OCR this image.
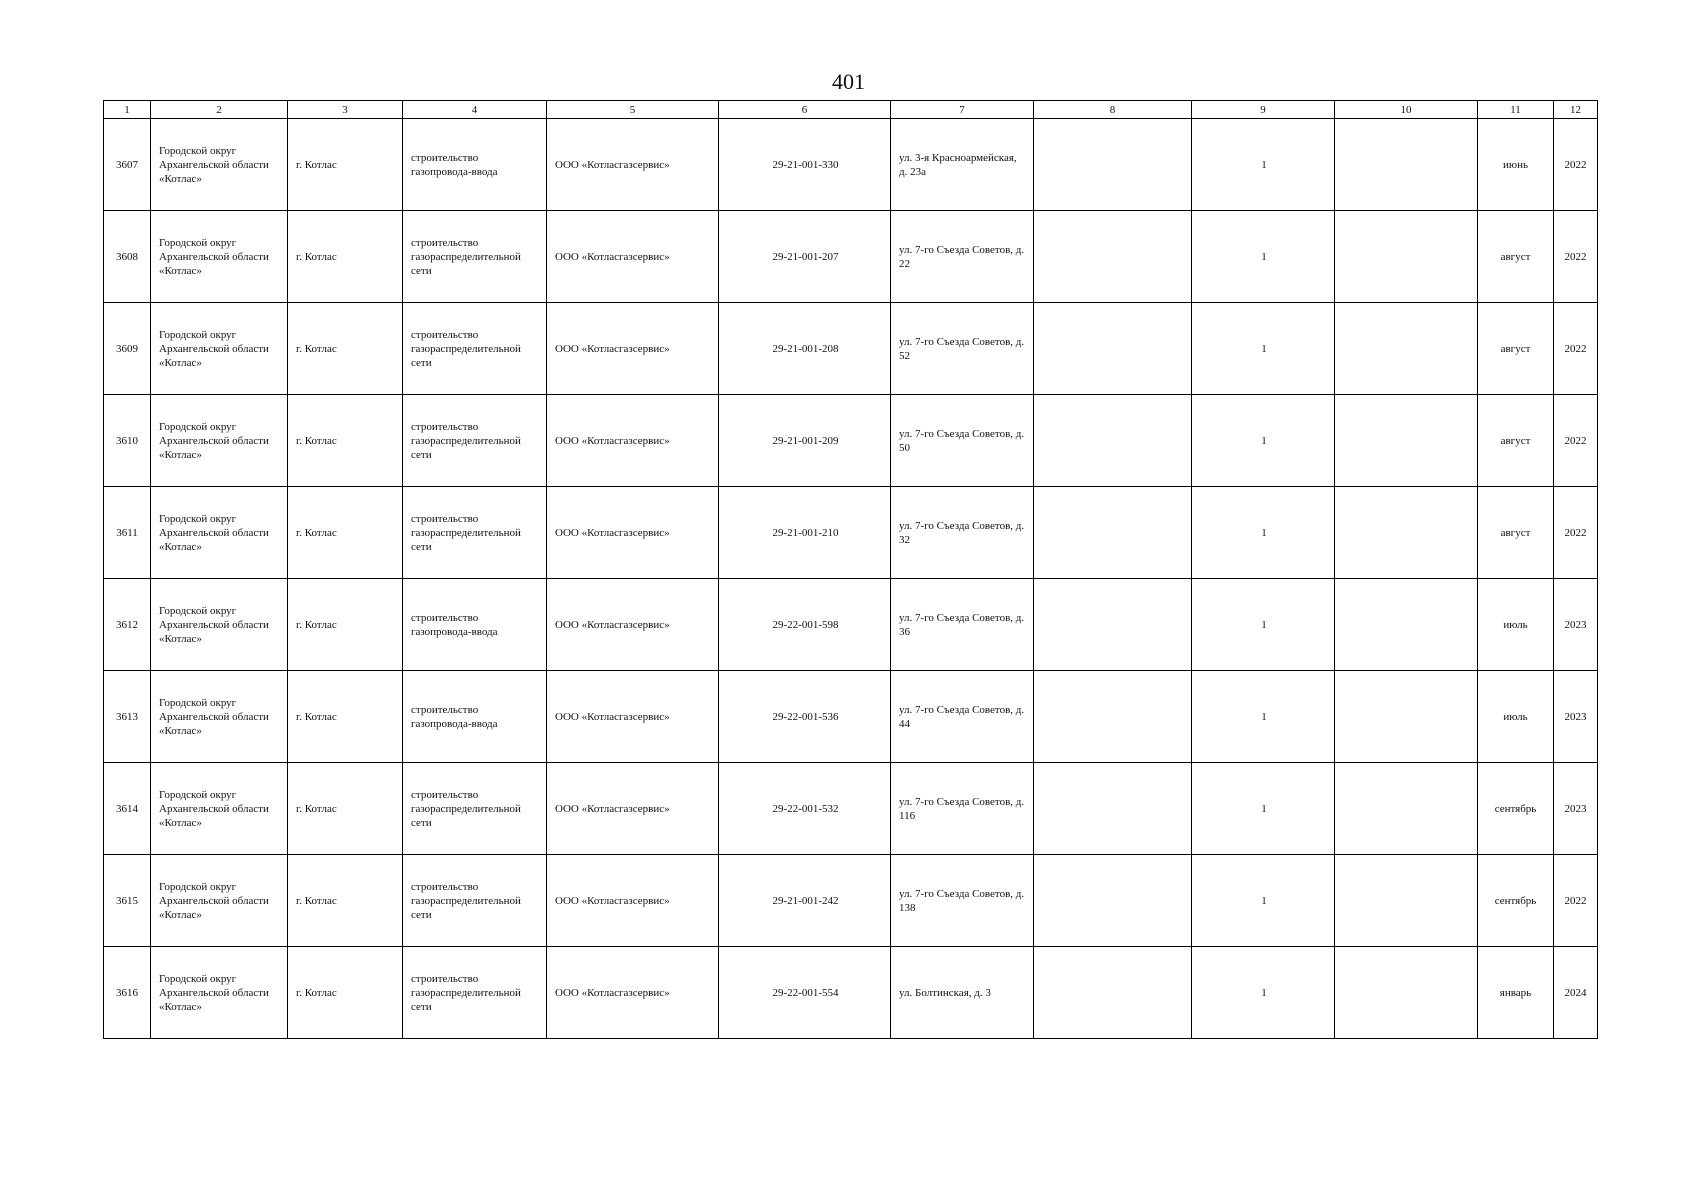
401
1	2	3	4	5	6	7	8	9	10	11	12
3607	Городской округ Архангельской области «Котлас»	г. Котлас	строительство газопровода-ввода	ООО «Котласгазсервис»	29-21-001-330	ул. 3-я Красноармейская, д. 23а		1		июнь	2022
3608	Городской округ Архангельской области «Котлас»	г. Котлас	строительство газораспределительной сети	ООО «Котласгазсервис»	29-21-001-207	ул. 7-го Съезда Советов, д. 22		1		август	2022
3609	Городской округ Архангельской области «Котлас»	г. Котлас	строительство газораспределительной сети	ООО «Котласгазсервис»	29-21-001-208	ул. 7-го Съезда Советов, д. 52		1		август	2022
3610	Городской округ Архангельской области «Котлас»	г. Котлас	строительство газораспределительной сети	ООО «Котласгазсервис»	29-21-001-209	ул. 7-го Съезда Советов, д. 50		1		август	2022
3611	Городской округ Архангельской области «Котлас»	г. Котлас	строительство газораспределительной сети	ООО «Котласгазсервис»	29-21-001-210	ул. 7-го Съезда Советов, д. 32		1		август	2022
3612	Городской округ Архангельской области «Котлас»	г. Котлас	строительство газопровода-ввода	ООО «Котласгазсервис»	29-22-001-598	ул. 7-го Съезда Советов, д. 36		1		июль	2023
3613	Городской округ Архангельской области «Котлас»	г. Котлас	строительство газопровода-ввода	ООО «Котласгазсервис»	29-22-001-536	ул. 7-го Съезда Советов, д. 44		1		июль	2023
3614	Городской округ Архангельской области «Котлас»	г. Котлас	строительство газораспределительной сети	ООО «Котласгазсервис»	29-22-001-532	ул. 7-го Съезда Советов, д. 116		1		сентябрь	2023
3615	Городской округ Архангельской области «Котлас»	г. Котлас	строительство газораспределительной сети	ООО «Котласгазсервис»	29-21-001-242	ул. 7-го Съезда Советов, д. 138		1		сентябрь	2022
3616	Городской округ Архангельской области «Котлас»	г. Котлас	строительство газораспределительной сети	ООО «Котласгазсервис»	29-22-001-554	ул. Болтинская, д. 3		1		январь	2024
